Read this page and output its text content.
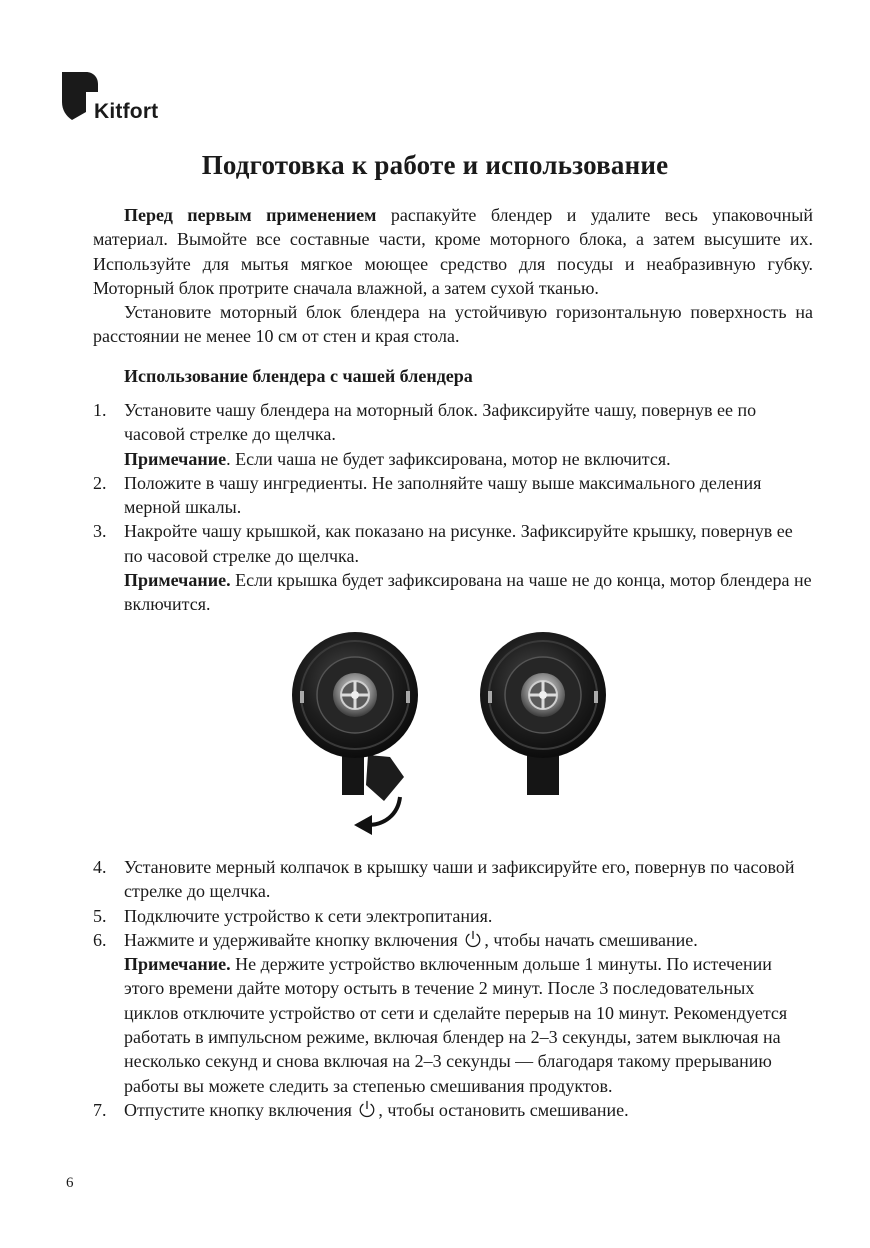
Kitfort
Подготовка к работе и использование

Перед первым применением распакуйте блендер и удалите весь упаковочный материал. Вымойте все составные части, кроме моторного блока, а затем высушите их. Используйте для мытья мягкое моющее средство для посуды и неабразивную губку. Моторный блок протрите сначала влажной, а затем сухой тканью.

Установите моторный блок блендера на устойчивую горизонтальную поверхность на расстоянии не менее 10 см от стен и края стола.

Использование блендера с чашей блендера

1. Установите чашу блендера на моторный блок. Зафиксируйте чашу, повернув ее по часовой стрелке до щелчка.
Примечание. Если чаша не будет зафиксирована, мотор не включится.
2. Положите в чашу ингредиенты. Не заполняйте чашу выше максимального деления мерной шкалы.
3. Накройте чашу крышкой, как показано на рисунке. Зафиксируйте крышку, повернув ее по часовой стрелке до щелчка.
Примечание. Если крышка будет зафиксирована на чаше не до конца, мотор блендера не включится.
4. Установите мерный колпачок в крышку чаши и зафиксируйте его, повернув по часовой стрелке до щелчка.
5. Подключите устройство к сети электропитания.
6. Нажмите и удерживайте кнопку включения , чтобы начать смешивание.
Примечание. Не держите устройство включенным дольше 1 минуты. По истечении этого времени дайте мотору остыть в течение 2 минут. После 3 последовательных циклов отключите устройство от сети и сделайте перерыв на 10 минут. Рекомендуется работать в импульсном режиме, включая блендер на 2–3 секунды, затем выключая на несколько секунд и снова включая на 2–3 секунды — благодаря такому прерыванию работы вы можете следить за степенью смешивания продуктов.
7. Отпустите кнопку включения , чтобы остановить смешивание.

6
